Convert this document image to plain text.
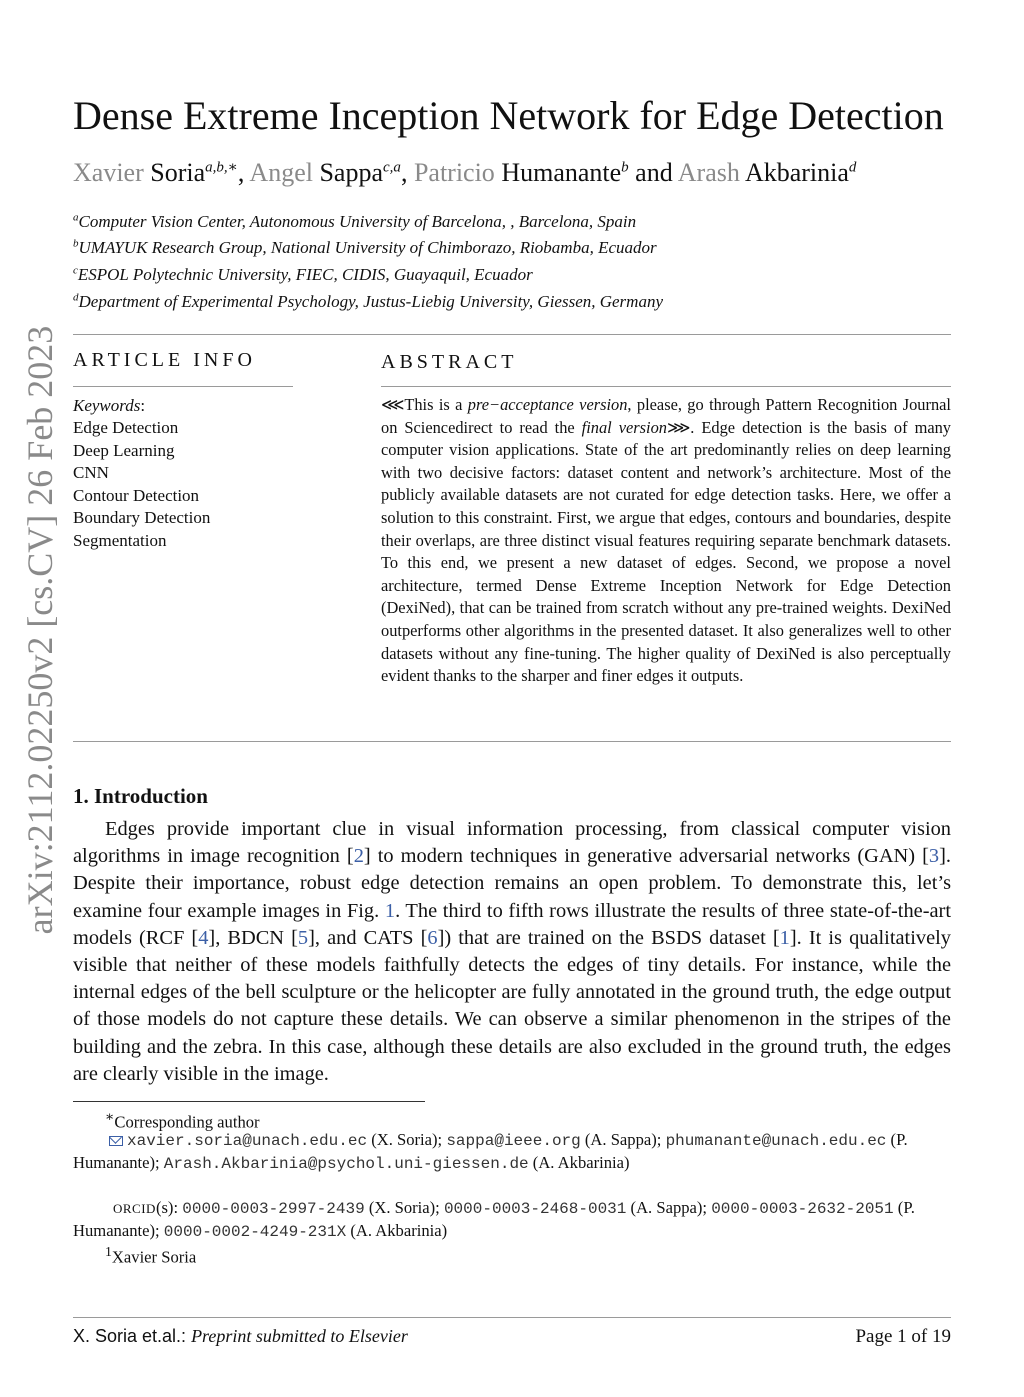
arXiv:2112.02250v2 [cs.CV] 26 Feb 2023
Dense Extreme Inception Network for Edge Detection
Xavier Soria$^{a,b,∗}$, Angel Sappa$^{c,a}$, Patricio Humanante$^b$ and Arash Akbarinia$^d$
$^a$Computer Vision Center, Autonomous University of Barcelona, , Barcelona, Spain
$^b$UMAYUK Research Group, National University of Chimborazo, Riobamba, Ecuador
$^c$ESPOL Polytechnic University, FIEC, CIDIS, Guayaquil, Ecuador
$^d$Department of Experimental Psychology, Justus-Liebig University, Giessen, Germany
ARTICLE INFO
Keywords:
Edge Detection
Deep Learning
CNN
Contour Detection
Boundary Detection
Segmentation
ABSTRACT
⋘This is a pre−acceptance version, please, go through Pattern Recognition Journal on Sciencedirect to read the final version⋙. Edge detection is the basis of many computer vision applications. State of the art predominantly relies on deep learning with two decisive factors: dataset content and network’s architecture. Most of the publicly available datasets are not curated for edge detection tasks. Here, we offer a solution to this constraint. First, we argue that edges, contours and boundaries, despite their overlaps, are three distinct visual features requiring separate benchmark datasets. To this end, we present a new dataset of edges. Second, we propose a novel architecture, termed Dense Extreme Inception Network for Edge Detection (DexiNed), that can be trained from scratch without any pre-trained weights. DexiNed outperforms other algorithms in the presented dataset. It also generalizes well to other datasets without any fine-tuning. The higher quality of DexiNed is also perceptually evident thanks to the sharper and finer edges it outputs.
1. Introduction
Edges provide important clue in visual information processing, from classical computer vision algorithms in image recognition [2] to modern techniques in generative adversarial networks (GAN) [3]. Despite their importance, robust edge detection remains an open problem. To demonstrate this, let’s examine four example images in Fig. 1. The third to fifth rows illustrate the results of three state-of-the-art models (RCF [4], BDCN [5], and CATS [6]) that are trained on the BSDS dataset [1]. It is qualitatively visible that neither of these models faithfully detects the edges of tiny details. For instance, while the internal edges of the bell sculpture or the helicopter are fully annotated in the ground truth, the edge output of those models do not capture these details. We can observe a similar phenomenon in the stripes of the building and the zebra. In this case, although these details are also excluded in the ground truth, the edges are clearly visible in the image.
∗Corresponding author
xavier.soria@unach.edu.ec (X. Soria); sappa@ieee.org (A. Sappa); phumanante@unach.edu.ec (P. Humanante); Arash.Akbarinia@psychol.uni-giessen.de (A. Akbarinia)
ORCID(s): 0000-0003-2997-2439 (X. Soria); 0000-0003-2468-0031 (A. Sappa); 0000-0003-2632-2051 (P. Humanante); 0000-0002-4249-231X (A. Akbarinia)
$^1$Xavier Soria
X. Soria et.al.: Preprint submitted to Elsevier	Page 1 of 19
